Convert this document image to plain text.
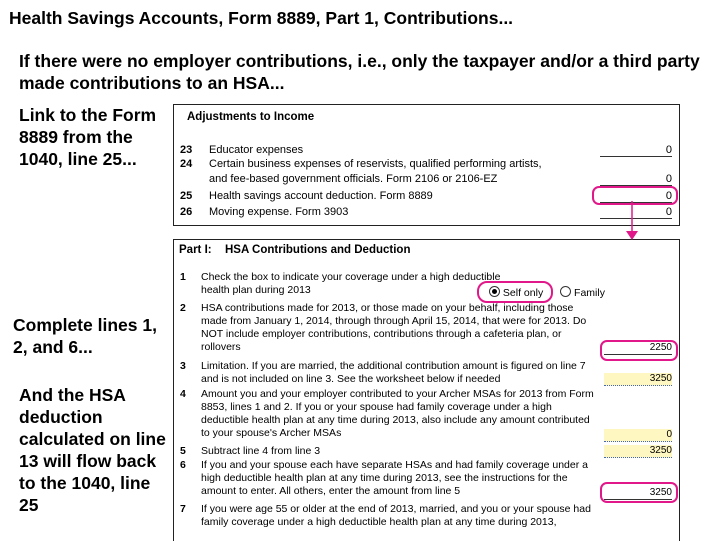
Health Savings Accounts, Form 8889, Part 1, Contributions...
If there were no employer contributions, i.e., only the taxpayer and/or a third party made contributions to an HSA...
Link to the Form 8889 from the 1040, line 25...
Complete lines 1, 2, and 6...
And the HSA deduction calculated on line 13 will flow back to the 1040, line 25
Adjustments to Income
23 Educator expenses	0
24 Certain business expenses of reservists, qualified performing artists,
and fee-based government officials. Form 2106 or 2106-EZ	0
25 Health savings account deduction. Form 8889	0
26 Moving expense. Form 3903	0
Part I: HSA Contributions and Deduction
1 Check the box to indicate your coverage under a high deductible health plan during 2013
2 HSA contributions made for 2013, or those made on your behalf, including those made from January 1, 2014, through through April 15, 2014, that were for 2013. Do NOT include employer contributions, contributions through a cafeteria plan, or rollovers	2250
3 Limitation. If you are married, the additional contribution amount is figured on line 7 and is not included on line 3. See the worksheet below if needed	3250
4 Amount you and your employer contributed to your Archer MSAs for 2013 from Form 8853, lines 1 and 2. If you or your spouse had family coverage under a high deductible health plan at any time during 2013, also include any amount contributed to your spouse's Archer MSAs	0
5 Subtract line 4 from line 3	3250
6 If you and your spouse each have separate HSAs and had family coverage under a high deductible health plan at any time during 2013, see the instructions for the amount to enter. All others, enter the amount from line 5	3250
7 If you were age 55 or older at the end of 2013, married, and you or your spouse had family coverage under a high deductible health plan at any time during 2013,
Self only	Family
